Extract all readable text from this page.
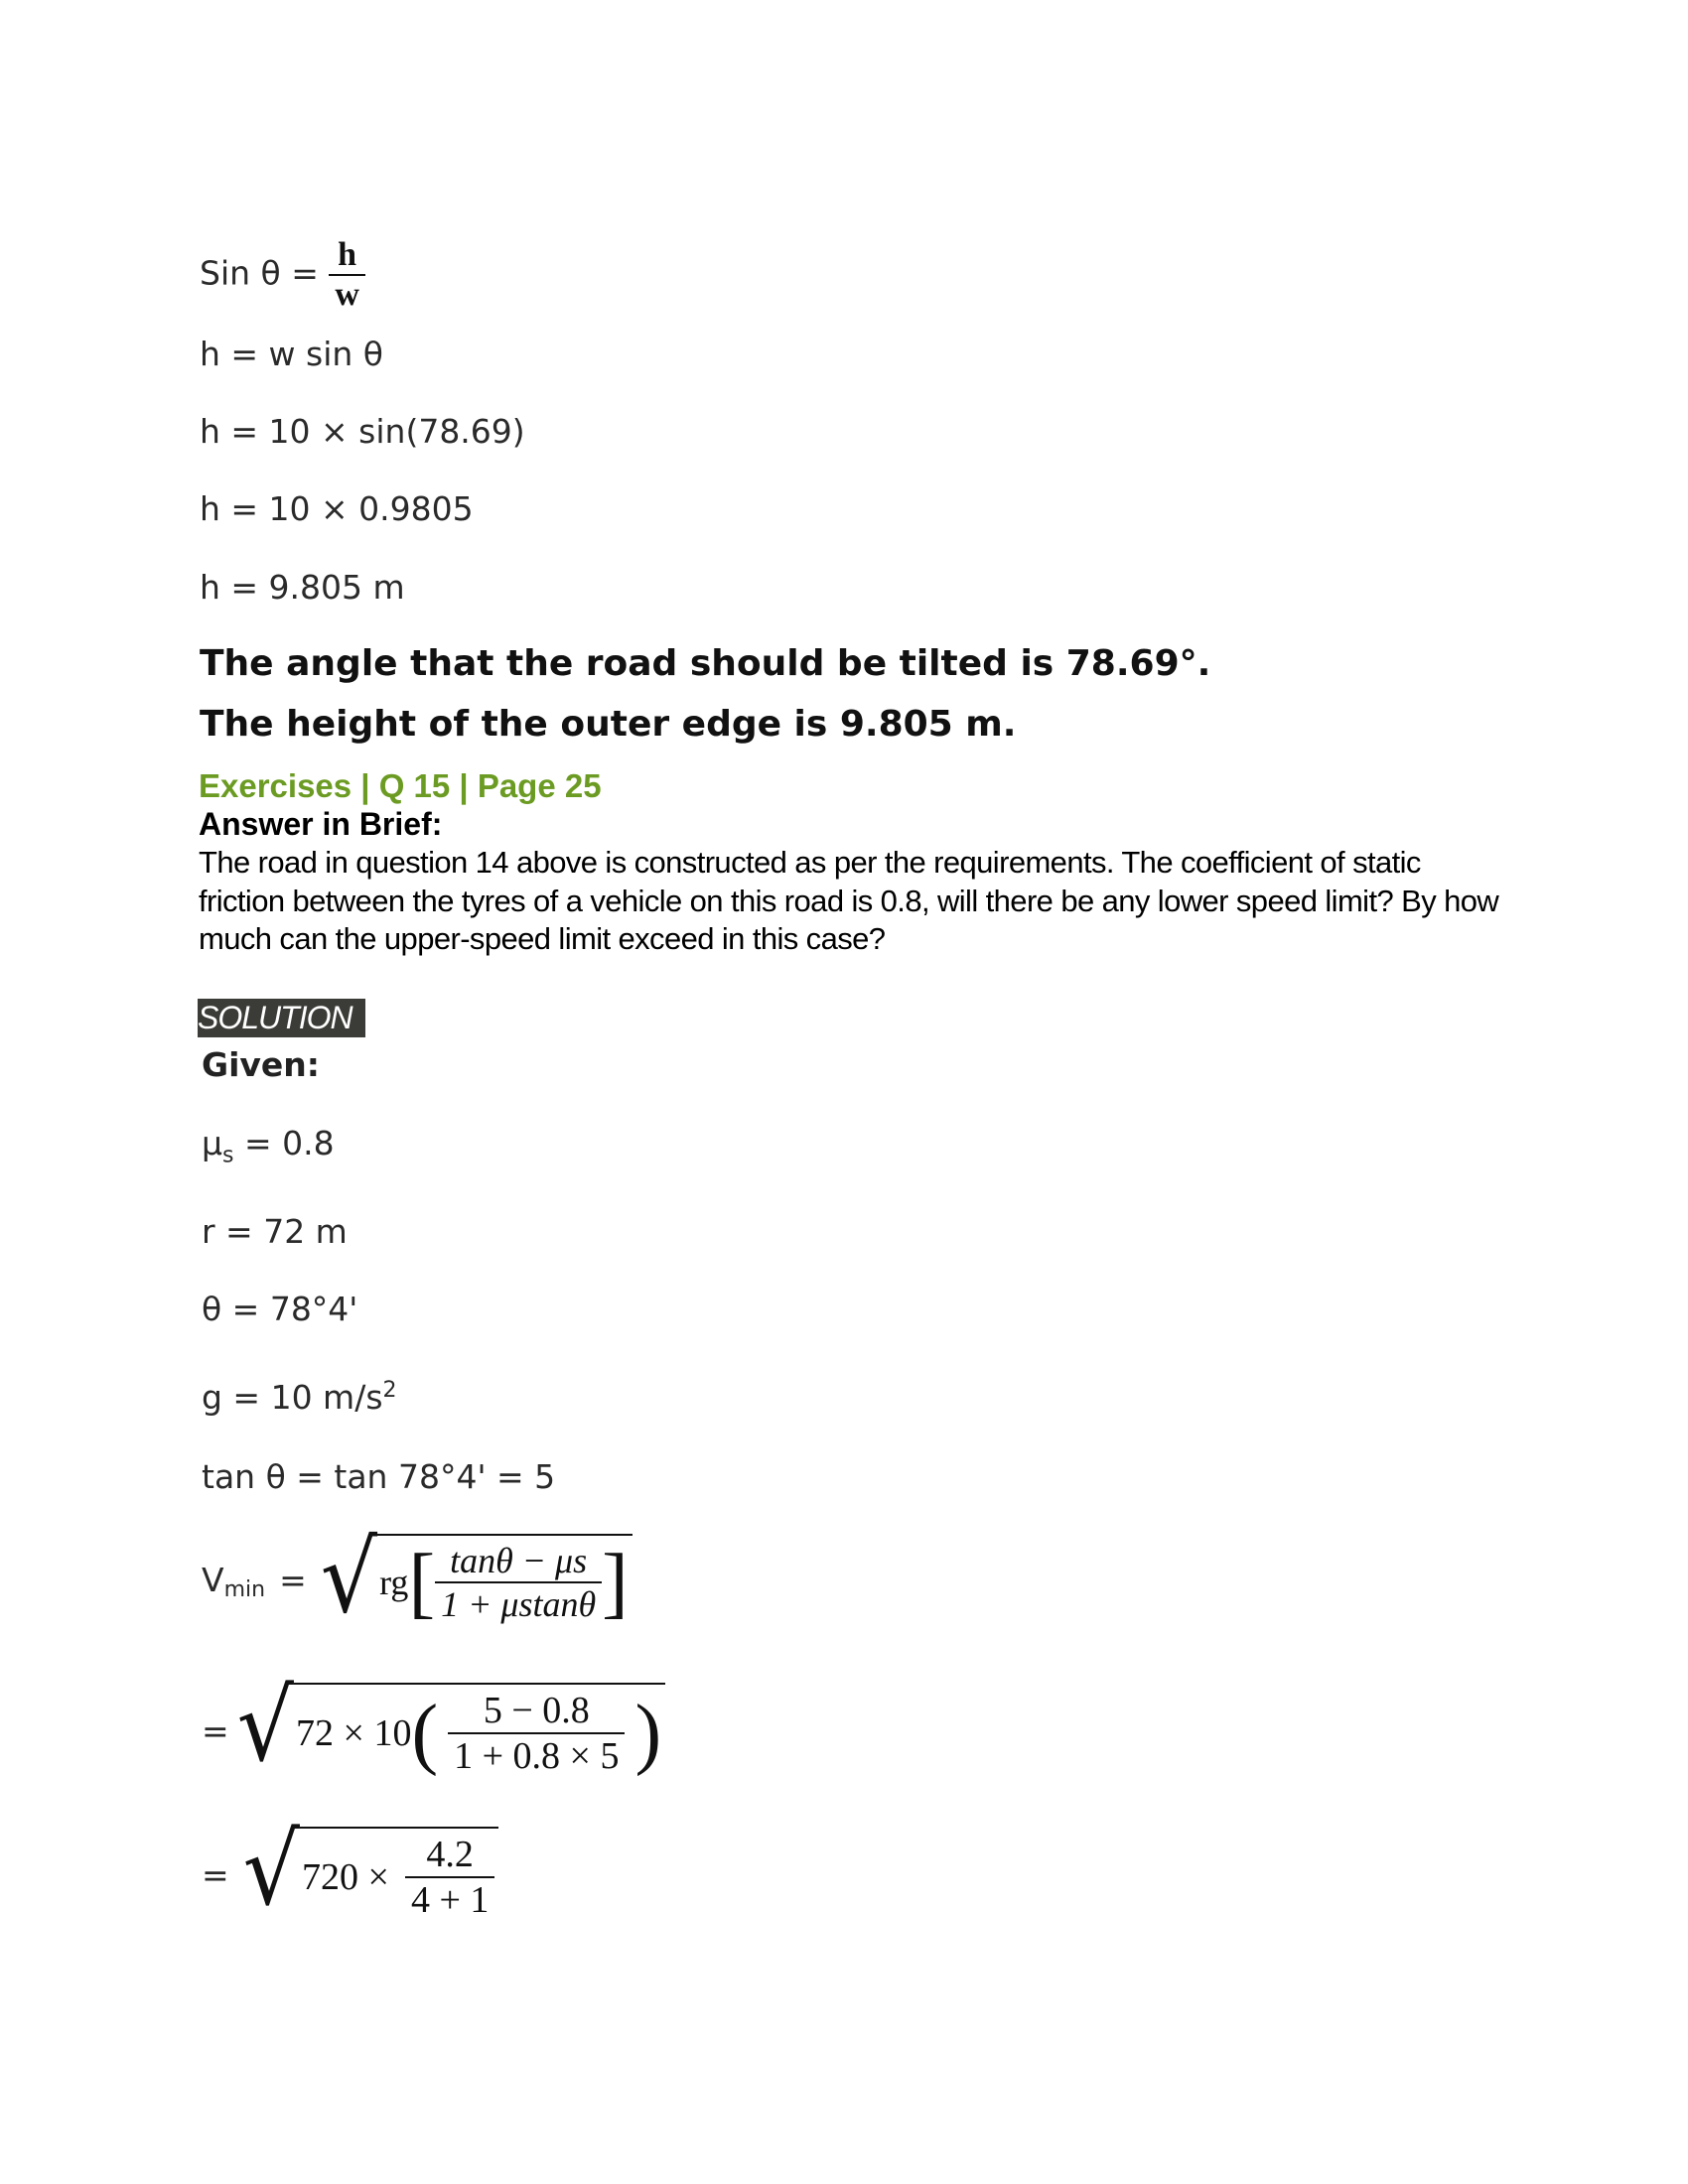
Sin $\theta = \frac{h}{w}$
h = w sin θ
h = 10 × sin(78.69)
h = 10 × 0.9805
h = 9.805 m
The angle that the road should be tilted is 78.69°.
The height of the outer edge is 9.805 m.
Exercises | Q 15 | Page 25
Answer in Brief:
The road in question 14 above is constructed as per the requirements. The coefficient of static friction between the tyres of a vehicle on this road is 0.8, will there be any lower speed limit? By how much can the upper-speed limit exceed in this case?
SOLUTION
Given:
$\mu_s = 0.8$
r = 72 m
θ = 78°4'
g = 10 $m/s^2$
tan θ = tan 78°4' = 5
$V_{min}$ = √ rg [ $\frac{\tan\theta - \mu s}{1 + \mu stan\theta}$ ]
= √ 72 × 10 ( $\frac{5 - 0.8}{1 + 0.8 \times 5}$ )
= √ $720 \times \frac{4.2}{4 + 1}$
